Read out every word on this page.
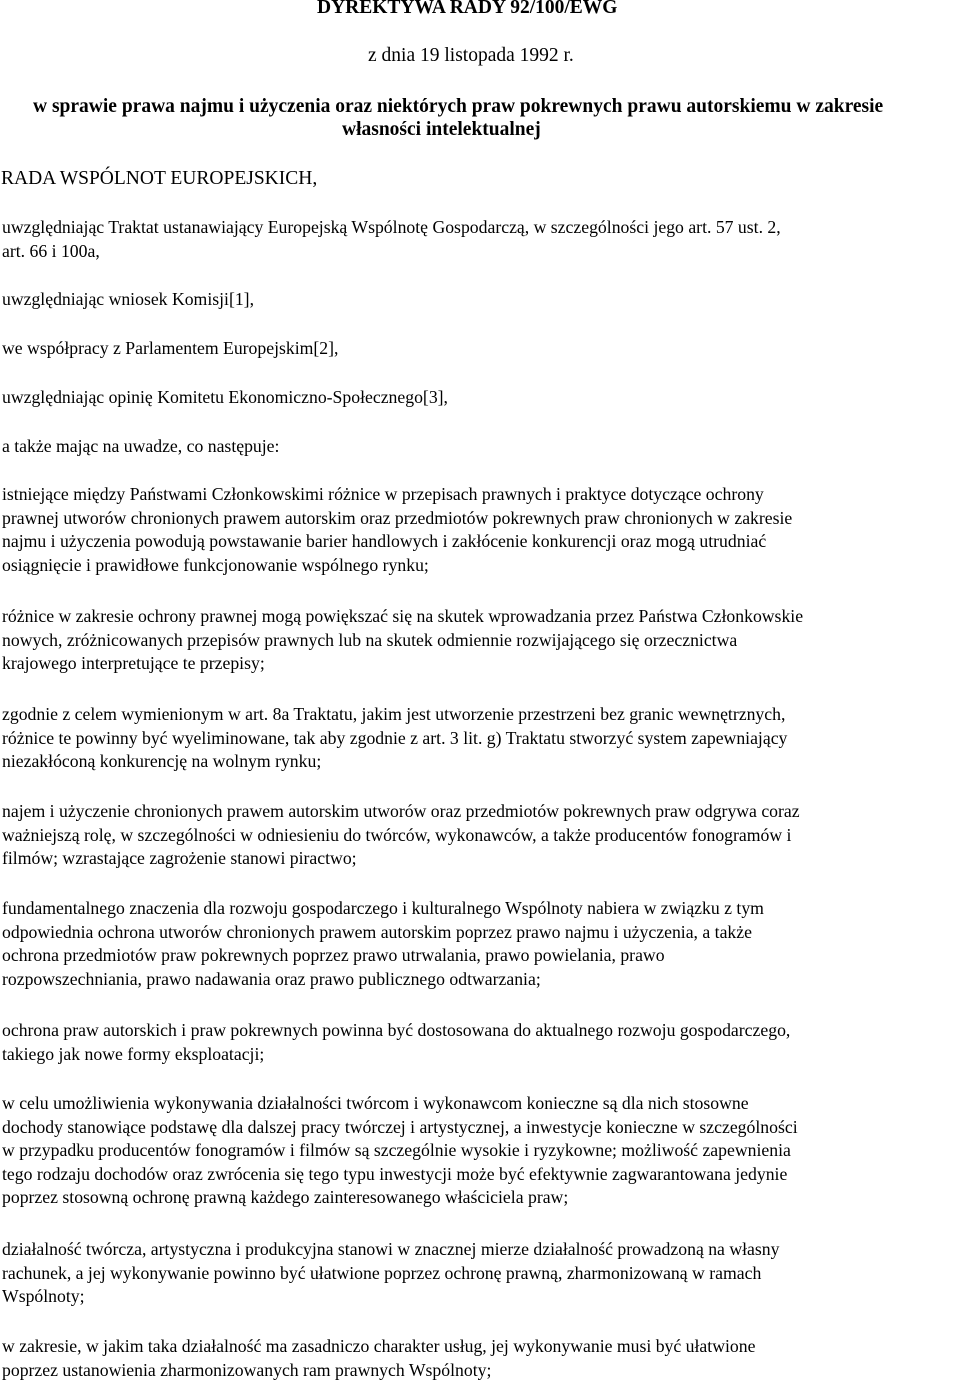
DYREKTYWA RADY 92/100/EWG
z dnia 19 listopada 1992 r.
w sprawie prawa najmu i użyczenia oraz niektórych praw pokrewnych prawu autorskiemu w zakresie
własności intelektualnej
RADA WSPÓLNOT EUROPEJSKICH,
uwzględniając Traktat ustanawiający Europejską Wspólnotę Gospodarczą, w szczególności jego art. 57 ust. 2,
art. 66 i 100a,
uwzględniając wniosek Komisji[1],
we współpracy z Parlamentem Europejskim[2],
uwzględniając opinię Komitetu Ekonomiczno-Społecznego[3],
a także mając na uwadze, co następuje:
istniejące między Państwami Członkowskimi różnice w przepisach prawnych i praktyce dotyczące ochrony
prawnej utworów chronionych prawem autorskim oraz przedmiotów pokrewnych praw chronionych w zakresie
najmu i użyczenia powodują powstawanie barier handlowych i zakłócenie konkurencji oraz mogą utrudniać
osiągnięcie i prawidłowe funkcjonowanie wspólnego rynku;
różnice w zakresie ochrony prawnej mogą powiększać się na skutek wprowadzania przez Państwa Członkowskie
nowych, zróżnicowanych przepisów prawnych lub na skutek odmiennie rozwijającego się orzecznictwa
krajowego interpretujące te przepisy;
zgodnie z celem wymienionym w art. 8a Traktatu, jakim jest utworzenie przestrzeni bez granic wewnętrznych,
różnice te powinny być wyeliminowane, tak aby zgodnie z art. 3 lit. g) Traktatu stworzyć system zapewniający
niezakłóconą konkurencję na wolnym rynku;
najem i użyczenie chronionych prawem autorskim utworów oraz przedmiotów pokrewnych praw odgrywa coraz
ważniejszą rolę, w szczególności w odniesieniu do twórców, wykonawców, a także producentów fonogramów i
filmów; wzrastające zagrożenie stanowi piractwo;
fundamentalnego znaczenia dla rozwoju gospodarczego i kulturalnego Wspólnoty nabiera w związku z tym
odpowiednia ochrona utworów chronionych prawem autorskim poprzez prawo najmu i użyczenia, a także
ochrona przedmiotów praw pokrewnych poprzez prawo utrwalania, prawo powielania, prawo
rozpowszechniania, prawo nadawania oraz prawo publicznego odtwarzania;
ochrona praw autorskich i praw pokrewnych powinna być dostosowana do aktualnego rozwoju gospodarczego,
takiego jak nowe formy eksploatacji;
w celu umożliwienia wykonywania działalności twórcom i wykonawcom konieczne są dla nich stosowne
dochody stanowiące podstawę dla dalszej pracy twórczej i artystycznej, a inwestycje konieczne w szczególności
w przypadku producentów fonogramów i filmów są szczególnie wysokie i ryzykowne; możliwość zapewnienia
tego rodzaju dochodów oraz zwrócenia się tego typu inwestycji może być efektywnie zagwarantowana jedynie
poprzez stosowną ochronę prawną każdego zainteresowanego właściciela praw;
działalność twórcza, artystyczna i produkcyjna stanowi w znacznej mierze działalność prowadzoną na własny
rachunek, a jej wykonywanie powinno być ułatwione poprzez ochronę prawną, zharmonizowaną w ramach
Wspólnoty;
w zakresie, w jakim taka działalność ma zasadniczo charakter usług, jej wykonywanie musi być ułatwione
poprzez ustanowienia zharmonizowanych ram prawnych Wspólnoty;
